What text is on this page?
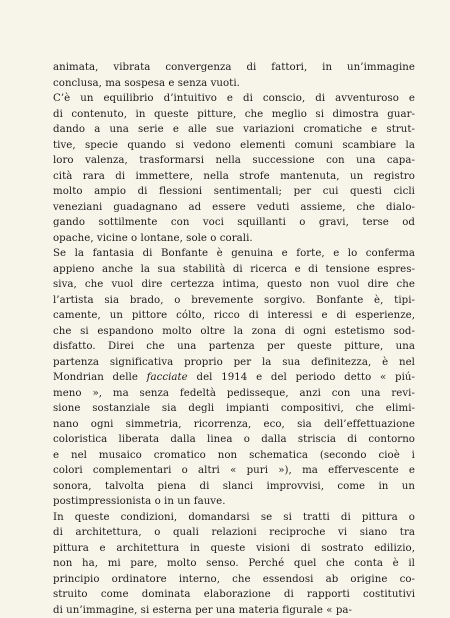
animata, vibrata convergenza di fattori, in un’immagine
conclusa, ma sospesa e senza vuoti.
C’è un equilibrio d’intuitivo e di conscio, di avventuroso e
di contenuto, in queste pitture, che meglio si dimostra guar-
dando a una serie e alle sue variazioni cromatiche e strut-
tive, specie quando si vedono elementi comuni scambiare la
loro valenza, trasformarsi nella successione con una capa-
cità rara di immettere, nella strofe mantenuta, un registro
molto ampio di flessioni sentimentali; per cui questi cicli
veneziani guadagnano ad essere veduti assieme, che dialo-
gando sottilmente con voci squillanti o gravi, terse od
opache, vicine o lontane, sole o corali.
Se la fantasia di Bonfante è genuina e forte, e lo conferma
appieno anche la sua stabilità di ricerca e di tensione espres-
siva, che vuol dire certezza intima, questo non vuol dire che
l’artista sia brado, o brevemente sorgivo. Bonfante è, tipi-
camente, un pittore cólto, ricco di interessi e di esperienze,
che si espandono molto oltre la zona di ogni estetismo sod-
disfatto. Direi che una partenza per queste pitture, una
partenza significativa proprio per la sua definitezza, è nel
Mondrian delle facciate del 1914 e del periodo detto « piú-
meno », ma senza fedeltà pedisseque, anzi con una revi-
sione sostanziale sia degli impianti compositivi, che elimi-
nano ogni simmetria, ricorrenza, eco, sia dell’effettuazione
coloristica liberata dalla linea o dalla striscia di contorno
e nel musaico cromatico non schematica (secondo cioè i
colori complementari o altri « puri »), ma effervescente e
sonora, talvolta piena di slanci improvvisi, come in un
postimpressionista o in un fauve.
In queste condizioni, domandarsi se si tratti di pittura o
di architettura, o quali relazioni reciproche vi siano tra
pittura e architettura in queste visioni di sostrato edilizio,
non ha, mi pare, molto senso. Perché quel che conta è il
principio ordinatore interno, che essendosi ab origine co-
struito come dominata elaborazione di rapporti costitutivi
di un’immagine, si esterna per una materia figurale « pa-
